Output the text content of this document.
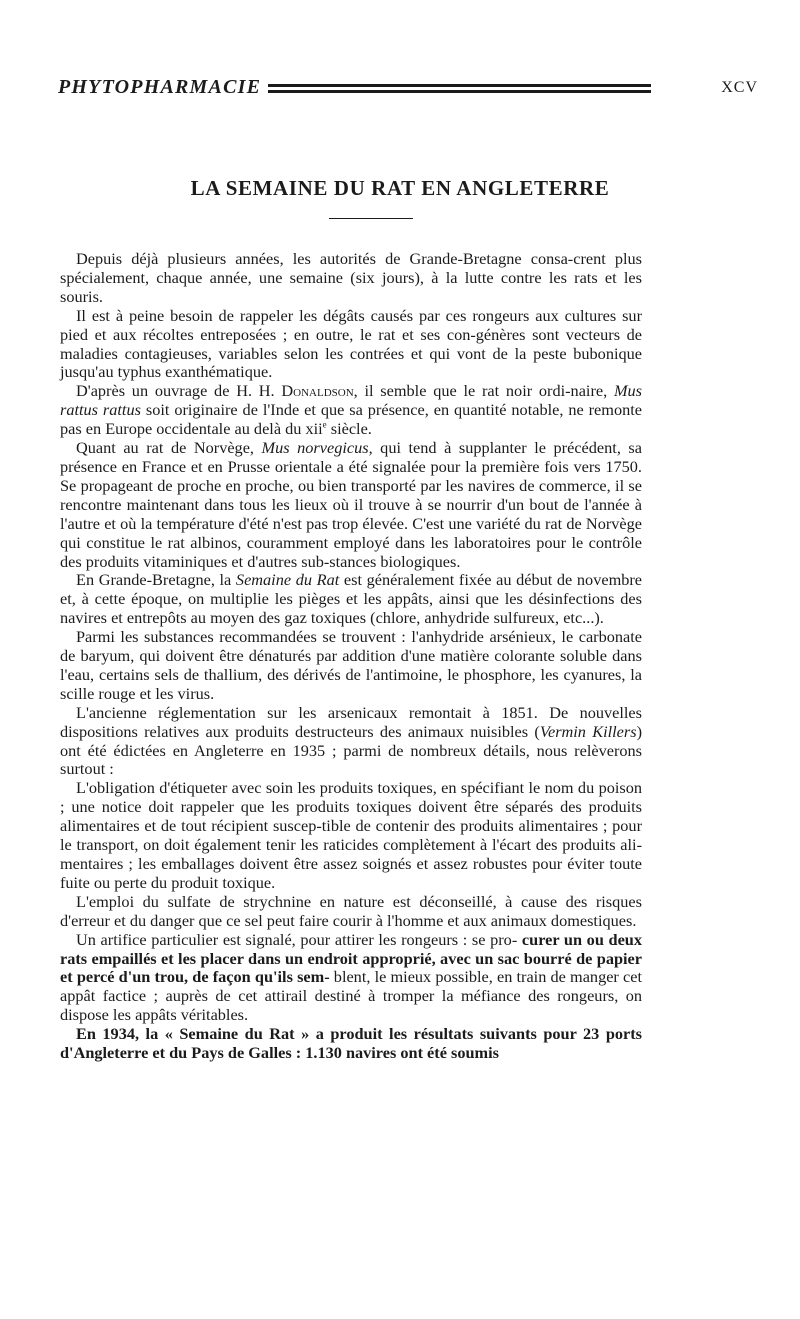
PHYTOPHARMACIE	XCV
LA SEMAINE DU RAT EN ANGLETERRE

Depuis déjà plusieurs années, les autorités de Grande-Bretagne consa-crent plus spécialement, chaque année, une semaine (six jours), à la lutte contre les rats et les souris.

Il est à peine besoin de rappeler les dégâts causés par ces rongeurs aux cultures sur pied et aux récoltes entreposées ; en outre, le rat et ses con-génères sont vecteurs de maladies contagieuses, variables selon les contrées et qui vont de la peste bubonique jusqu'au typhus exanthématique.

D'après un ouvrage de H. H. Donaldson, il semble que le rat noir ordi-naire, Mus rattus rattus soit originaire de l'Inde et que sa présence, en quantité notable, ne remonte pas en Europe occidentale au delà du xii$^e$ siècle.

Quant au rat de Norvège, Mus norvegicus, qui tend à supplanter le précédent, sa présence en France et en Prusse orientale a été signalée pour la première fois vers 1750. Se propageant de proche en proche, ou bien transporté par les navires de commerce, il se rencontre maintenant dans tous les lieux où il trouve à se nourrir d'un bout de l'année à l'autre et où la température d'été n'est pas trop élevée. C'est une variété du rat de Norvège qui constitue le rat albinos, couramment employé dans les laboratoires pour le contrôle des produits vitaminiques et d'autres sub-stances biologiques.

En Grande-Bretagne, la Semaine du Rat est généralement fixée au début de novembre et, à cette époque, on multiplie les pièges et les appâts, ainsi que les désinfections des navires et entrepôts au moyen des gaz toxiques (chlore, anhydride sulfureux, etc...).

Parmi les substances recommandées se trouvent : l'anhydride arsénieux, le carbonate de baryum, qui doivent être dénaturés par addition d'une matière colorante soluble dans l'eau, certains sels de thallium, des dérivés de l'antimoine, le phosphore, les cyanures, la scille rouge et les virus.

L'ancienne réglementation sur les arsenicaux remontait à 1851. De nouvelles dispositions relatives aux produits destructeurs des animaux nuisibles (Vermin Killers) ont été édictées en Angleterre en 1935 ; parmi de nombreux détails, nous relèverons surtout :

L'obligation d'étiqueter avec soin les produits toxiques, en spécifiant le nom du poison ; une notice doit rappeler que les produits toxiques doivent être séparés des produits alimentaires et de tout récipient suscep-tible de contenir des produits alimentaires ; pour le transport, on doit également tenir les raticides complètement à l'écart des produits ali-mentaires ; les emballages doivent être assez soignés et assez robustes pour éviter toute fuite ou perte du produit toxique.

L'emploi du sulfate de strychnine en nature est déconseillé, à cause des risques d'erreur et du danger que ce sel peut faire courir à l'homme et aux animaux domestiques.

Un artifice particulier est signalé, pour attirer les rongeurs : se pro- curer un ou deux rats empaillés et les placer dans un endroit approprié, avec un sac bourré de papier et percé d'un trou, de façon qu'ils sem- blent, le mieux possible, en train de manger cet appât factice ; auprès de cet attirail destiné à tromper la méfiance des rongeurs, on dispose les appâts véritables.

En 1934, la « Semaine du Rat » a produit les résultats suivants pour 23 ports d'Angleterre et du Pays de Galles : 1.130 navires ont été soumis
